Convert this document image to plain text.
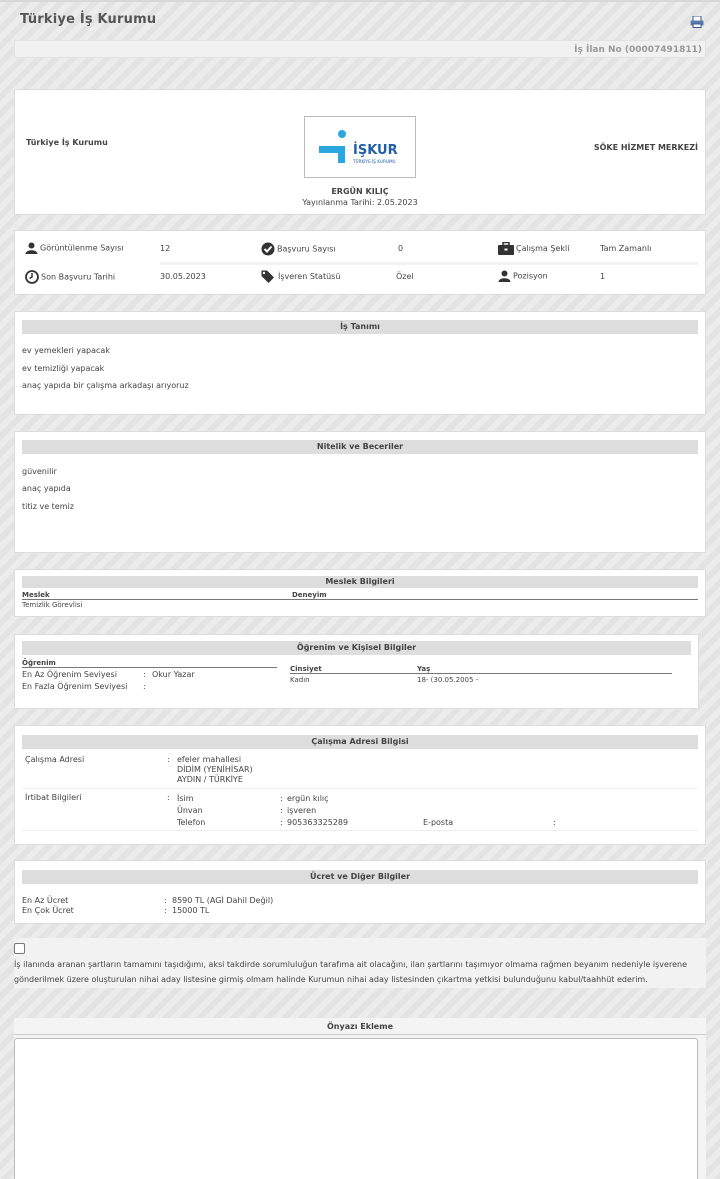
Türkiye İş Kurumu
İş İlan No (00007491811)
Türkiye İş Kurumu
İŞKUR
TÜRKİYE İŞ KURUMU
ERGÜN KILIÇ
Yayınlanma Tarihi: 2.05.2023
SÖKE HİZMET MERKEZİ
Görüntülenme Sayısı	12	Başvuru Sayısı	0	Çalışma Şekli	Tam Zamanlı
Son Başvuru Tarihi	30.05.2023	İşveren Statüsü	Özel	Pozisyon	1
İş Tanımı
ev yemekleri yapacak
ev temizliği yapacak
anaç yapıda bir çalışma arkadaşı arıyoruz
Nitelik ve Beceriler
güvenilir
anaç yapıda
titiz ve temiz
Meslek Bilgileri
Meslek	Deneyim
Temizlik Görevlisi
Öğrenim ve Kişisel Bilgiler
Öğrenim
En Az Öğrenim Seviyesi	: Okur Yazar
En Fazla Öğrenim Seviyesi :
Cinsiyet	Yaş
Kadın	18- (30.05.2005 -
Çalışma Adresi Bilgisi
Çalışma Adresi	: efeler mahallesi
DİDİM (YENİHİSAR)
AYDIN / TÜRKİYE
İrtibat Bilgileri	: İsim	: ergün kılıç
Ünvan	: işveren
Telefon	: 905363325289	E-posta	:
Ücret ve Diğer Bilgiler
En Az Ücret	: 8590 TL (AGİ Dahil Değil)
En Çok Ücret	: 15000 TL
İş ilanında aranan şartların tamamını taşıdığımı, aksi takdirde sorumluluğun tarafıma ait olacağını, ilan şartlarını taşımıyor olmama rağmen beyanım nedeniyle işverene gönderilmek üzere oluşturulan nihai aday listesine girmiş olmam halinde Kurumun nihai aday listesinden çıkartma yetkisi bulunduğunu kabul/taahhüt ederim.
Önyazı Ekleme
